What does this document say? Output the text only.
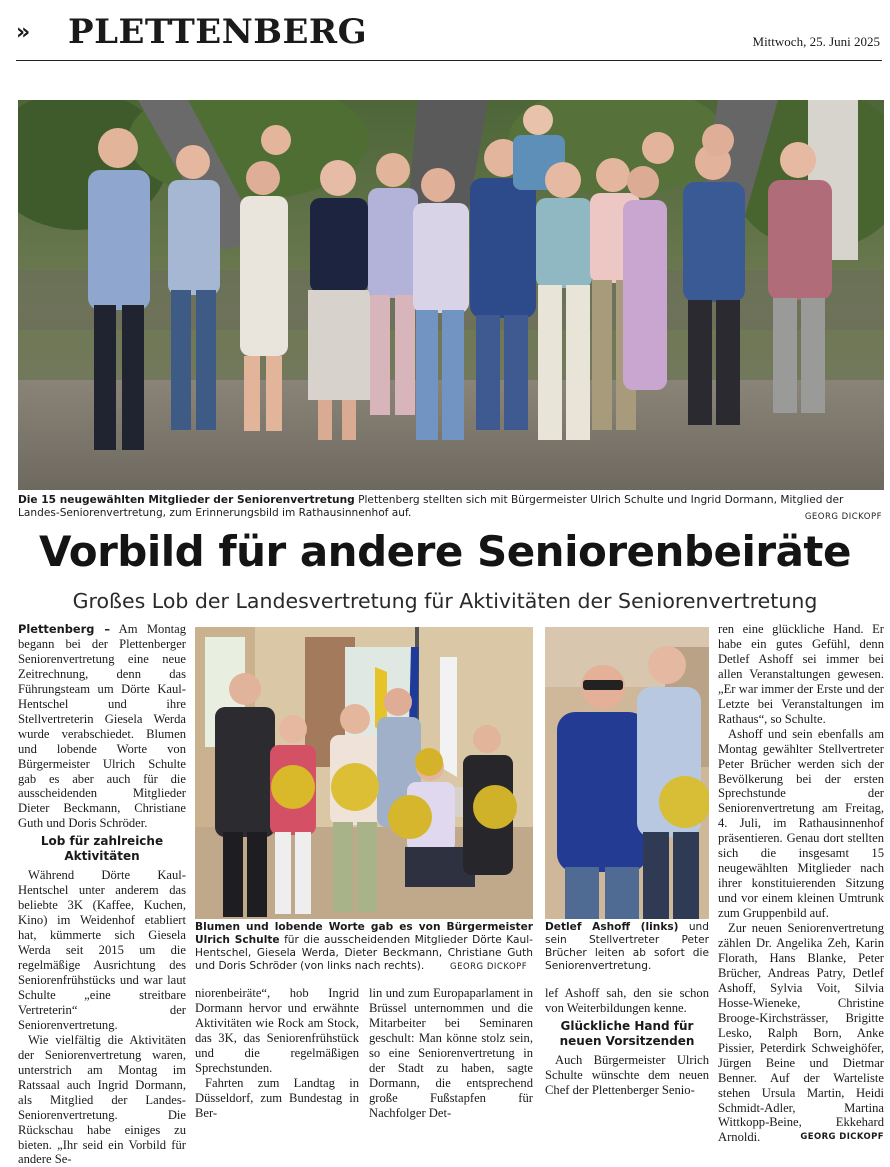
» PLETTENBERG	Mittwoch, 25. Juni 2025
Die 15 neugewählten Mitglieder der Seniorenvertretung Plettenberg stellten sich mit Bürgermeister Ulrich Schulte und Ingrid Dormann, Mitglied der Landes-Seniorenvertretung, zum Erinnerungsbild im Rathausinnenhof auf.	GEORG DICKOPF
Vorbild für andere Seniorenbeiräte
Großes Lob der Landesvertretung für Aktivitäten der Seniorenvertretung

Plettenberg – Am Montag begann bei der Plettenberger Seniorenvertretung eine neue Zeitrechnung, denn das Führungsteam um Dörte Kaul-Hentschel und ihre Stellvertreterin Giesela Werda wurde verabschiedet. Blumen und lobende Worte von Bürgermeister Ulrich Schulte gab es aber auch für die ausscheidenden Mitglieder Dieter Beckmann, Christiane Guth und Doris Schröder.

Lob für zahlreiche Aktivitäten

Während Dörte Kaul-Hentschel unter anderem das beliebte 3K (Kaffee, Kuchen, Kino) im Weidenhof etabliert hat, kümmerte sich Giesela Werda seit 2015 um die regelmäßige Ausrichtung des Seniorenfrühstücks und war laut Schulte „eine streitbare Vertreterin“ der Seniorenvertretung.

Wie vielfältig die Aktivitäten der Seniorenvertretung waren, unterstrich am Montag im Ratssaal auch Ingrid Dormann, als Mitglied der Landes-Seniorenvertretung. Die Rückschau habe einiges zu bieten. „Ihr seid ein Vorbild für andere Se-

Blumen und lobende Worte gab es von Bürgermeister Ulrich Schulte für die ausscheidenden Mitglieder Dörte Kaul-Hentschel, Giesela Werda, Dieter Beckmann, Christiane Guth und Doris Schröder (von links nach rechts).	GEORG DICKOPF

niorenbeiräte“, hob Ingrid Dormann hervor und erwähnte Aktivitäten wie Rock am Stock, das 3K, das Seniorenfrühstück und die regelmäßigen Sprechstunden.

Fahrten zum Landtag in Düsseldorf, zum Bundestag in Ber-

lin und zum Europaparlament in Brüssel unternommen und die Mitarbeiter bei Seminaren geschult: Man könne stolz sein, so eine Seniorenvertretung in der Stadt zu haben, sagte Dormann, die entsprechend große Fußstapfen für Nachfolger Det-

Detlef Ashoff (links) und sein Stellvertreter Peter Brücher leiten ab sofort die Seniorenvertretung.

lef Ashoff sah, den sie schon von Weiterbildungen kenne.

Glückliche Hand für neuen Vorsitzenden

Auch Bürgermeister Ulrich Schulte wünschte dem neuen Chef der Plettenberger Senio-

ren eine glückliche Hand. Er habe ein gutes Gefühl, denn Detlef Ashoff sei immer bei allen Veranstaltungen gewesen. „Er war immer der Erste und der Letzte bei Veranstaltungen im Rathaus“, so Schulte.

Ashoff und sein ebenfalls am Montag gewählter Stellvertreter Peter Brücher werden sich der Bevölkerung bei der ersten Sprechstunde der Seniorenvertretung am Freitag, 4. Juli, im Rathausinnenhof präsentieren. Genau dort stellten sich die insgesamt 15 neugewählten Mitglieder nach ihrer konstituierenden Sitzung und vor einem kleinen Umtrunk zum Gruppenbild auf.

Zur neuen Seniorenvertretung zählen Dr. Angelika Zeh, Karin Florath, Hans Blanke, Peter Brücher, Andreas Patry, Detlef Ashoff, Sylvia Voit, Silvia Hosse-Wieneke, Christine Brooge-Kirchsträsser, Brigitte Lesko, Ralph Born, Anke Pissier, Peterdirk Schweighöfer, Jürgen Beine und Dietmar Benner. Auf der Warteliste stehen Ursula Martin, Heidi Schmidt-Adler, Martina Wittkopp-Beine, Ekkehard Arnoldi.	GEORG DICKOPF
